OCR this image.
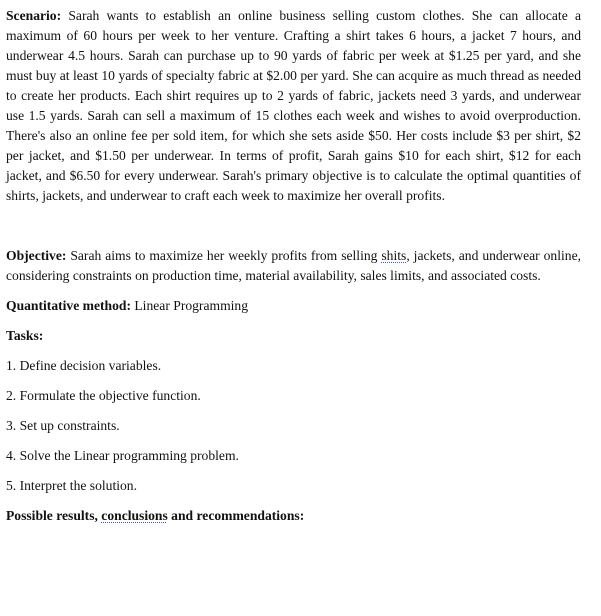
Scenario: Sarah wants to establish an online business selling custom clothes. She can allocate a maximum of 60 hours per week to her venture. Crafting a shirt takes 6 hours, a jacket 7 hours, and underwear 4.5 hours. Sarah can purchase up to 90 yards of fabric per week at $1.25 per yard, and she must buy at least 10 yards of specialty fabric at $2.00 per yard. She can acquire as much thread as needed to create her products. Each shirt requires up to 2 yards of fabric, jackets need 3 yards, and underwear use 1.5 yards. Sarah can sell a maximum of 15 clothes each week and wishes to avoid overproduction. There's also an online fee per sold item, for which she sets aside $50. Her costs include $3 per shirt, $2 per jacket, and $1.50 per underwear. In terms of profit, Sarah gains $10 for each shirt, $12 for each jacket, and $6.50 for every underwear. Sarah's primary objective is to calculate the optimal quantities of shirts, jackets, and underwear to craft each week to maximize her overall profits.

Objective: Sarah aims to maximize her weekly profits from selling shits, jackets, and underwear online, considering constraints on production time, material availability, sales limits, and associated costs.

Quantitative method: Linear Programming

Tasks:

1. Define decision variables.

2. Formulate the objective function.

3. Set up constraints.

4. Solve the Linear programming problem.

5. Interpret the solution.

Possible results, conclusions and recommendations:
